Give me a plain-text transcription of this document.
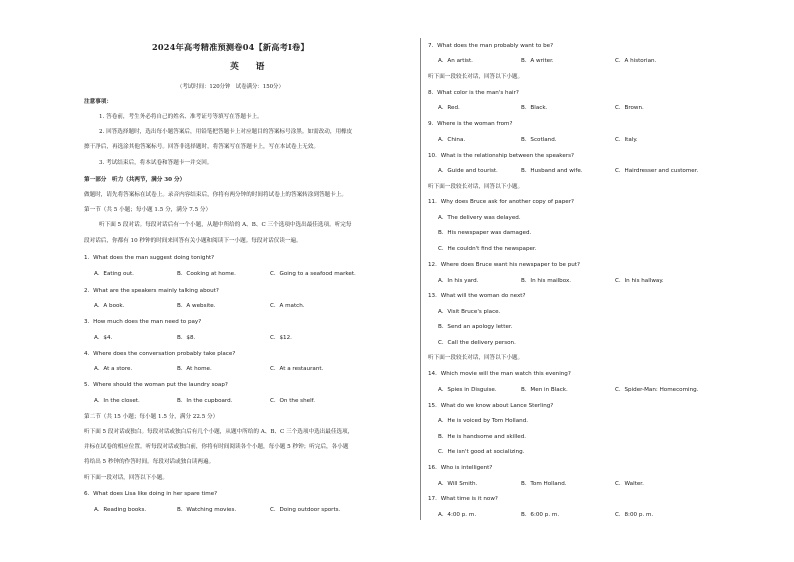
2024年高考精准预测卷04【新高考Ⅰ卷】
英　语
（考试时间：120分钟　试卷满分：150分）
注意事项：
1. 答卷前，考生务必将自己的姓名、准考证号等填写在答题卡上。
2. 回答选择题时，选出每小题答案后，用铅笔把答题卡上对应题目的答案标号涂黑。如需改动，用橡皮
擦干净后，再选涂其他答案标号。回答非选择题时，将答案写在答题卡上，写在本试卷上无效。
3. 考试结束后，将本试卷和答题卡一并交回。
第一部分　听力（共两节，满分 30 分）
做题时，请先将答案标在试卷上。录音内容结束后，你将有两分钟的时间将试卷上的答案转涂到答题卡上。
第一节（共 5 小题；每小题 1.5 分，满分 7.5 分）
听下面 5 段对话。每段对话后有一个小题，从题中所给的 A、B、C 三个选项中选出最佳选项。听完每
段对话后，你都有 10 秒钟的时间来回答有关小题和阅读下一小题。每段对话仅读一遍。
1．What does the man suggest doing tonight?
A．Eating out.	B．Cooking at home.	C．Going to a seafood market.
2．What are the speakers mainly talking about?
A．A book.	B．A website.	C．A match.
3．How much does the man need to pay?
A．$4.	B．$8.	C．$12.
4．Where does the conversation probably take place?
A．At a store.	B．At home.	C．At a restaurant.
5．Where should the woman put the laundry soap?
A．In the closet.	B．In the cupboard.	C．On the shelf.
第二节（共 15 小题；每小题 1.5 分，满分 22.5 分）
听下面 5 段对话或独白。每段对话或独白后有几个小题，从题中所给的 A、B、C 三个选项中选出最佳选项，
并标在试卷的相应位置。听每段对话或独白前，你将有时间阅读各个小题，每小题 5 秒钟；听完后，各小题
将给出 5 秒钟的作答时间。每段对话或独白读两遍。
听下面一段对话，回答以下小题。
6．What does Lisa like doing in her spare time?
A．Reading books.	B．Watching movies.	C．Doing outdoor sports.
7．What does the man probably want to be?
A．An artist.	B．A writer.	C．A historian.
听下面一段较长对话，回答以下小题。
8．What color is the man's hair?
A．Red.	B．Black.	C．Brown.
9．Where is the woman from?
A．China.	B．Scotland.	C．Italy.
10．What is the relationship between the speakers?
A．Guide and tourist.	B．Husband and wife.	C．Hairdresser and customer.
听下面一段较长对话，回答以下小题。
11．Why does Bruce ask for another copy of paper?
A．The delivery was delayed.
B．His newspaper was damaged.
C．He couldn't find the newspaper.
12．Where does Bruce want his newspaper to be put?
A．In his yard.	B．In his mailbox.	C．In his hallway.
13．What will the woman do next?
A．Visit Bruce's place.
B．Send an apology letter.
C．Call the delivery person.
听下面一段较长对话，回答以下小题。
14．Which movie will the man watch this evening?
A．Spies in Disguise.	B．Men in Black.	C．Spider-Man: Homecoming.
15．What do we know about Lance Sterling?
A．He is voiced by Tom Holland.
B．He is handsome and skilled.
C．He isn't good at socializing.
16．Who is intelligent?
A．Will Smith.	B．Tom Holland.	C．Walter.
17．What time is it now?
A．4:00 p. m.	B．6:00 p. m.	C．8:00 p. m.
